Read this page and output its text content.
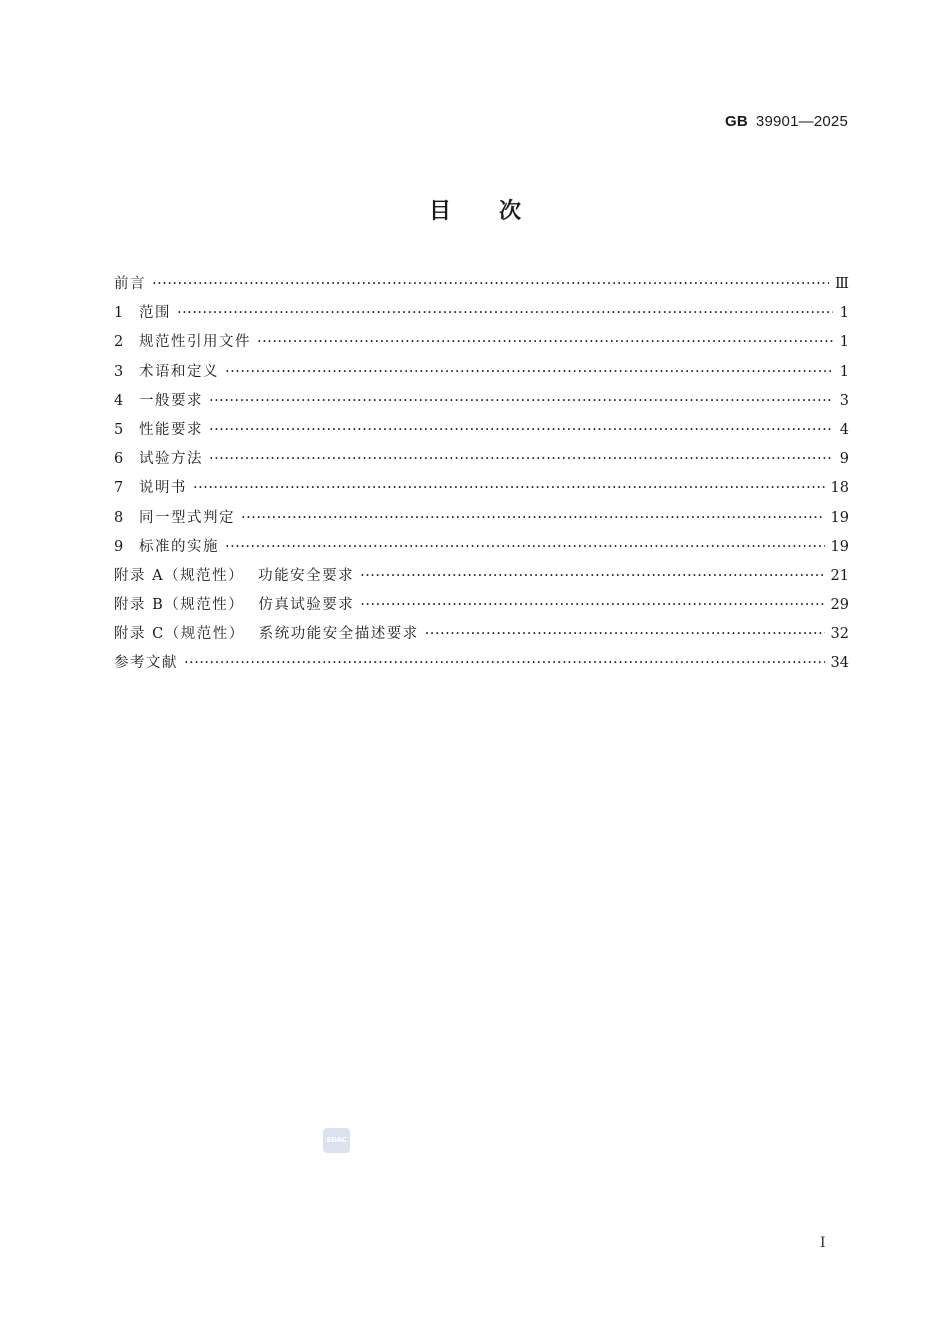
GB 39901—2025
目次
前言 ·····	Ⅲ
1	范围 ·····	1
2	规范性引用文件 ·····	1
3	术语和定义 ·····	1
4	一般要求 ·····	3
5	性能要求 ·····	4
6	试验方法 ·····	9
7	说明书 ·····	18
8	同一型式判定 ·····	19
9	标准的实施 ·····	19
附录 A（规范性） 功能安全要求 ·····	21
附录 B（规范性） 仿真试验要求 ·····	29
附录 C（规范性） 系统功能安全描述要求 ·····	32
参考文献 ·····	34
SDAC
I
